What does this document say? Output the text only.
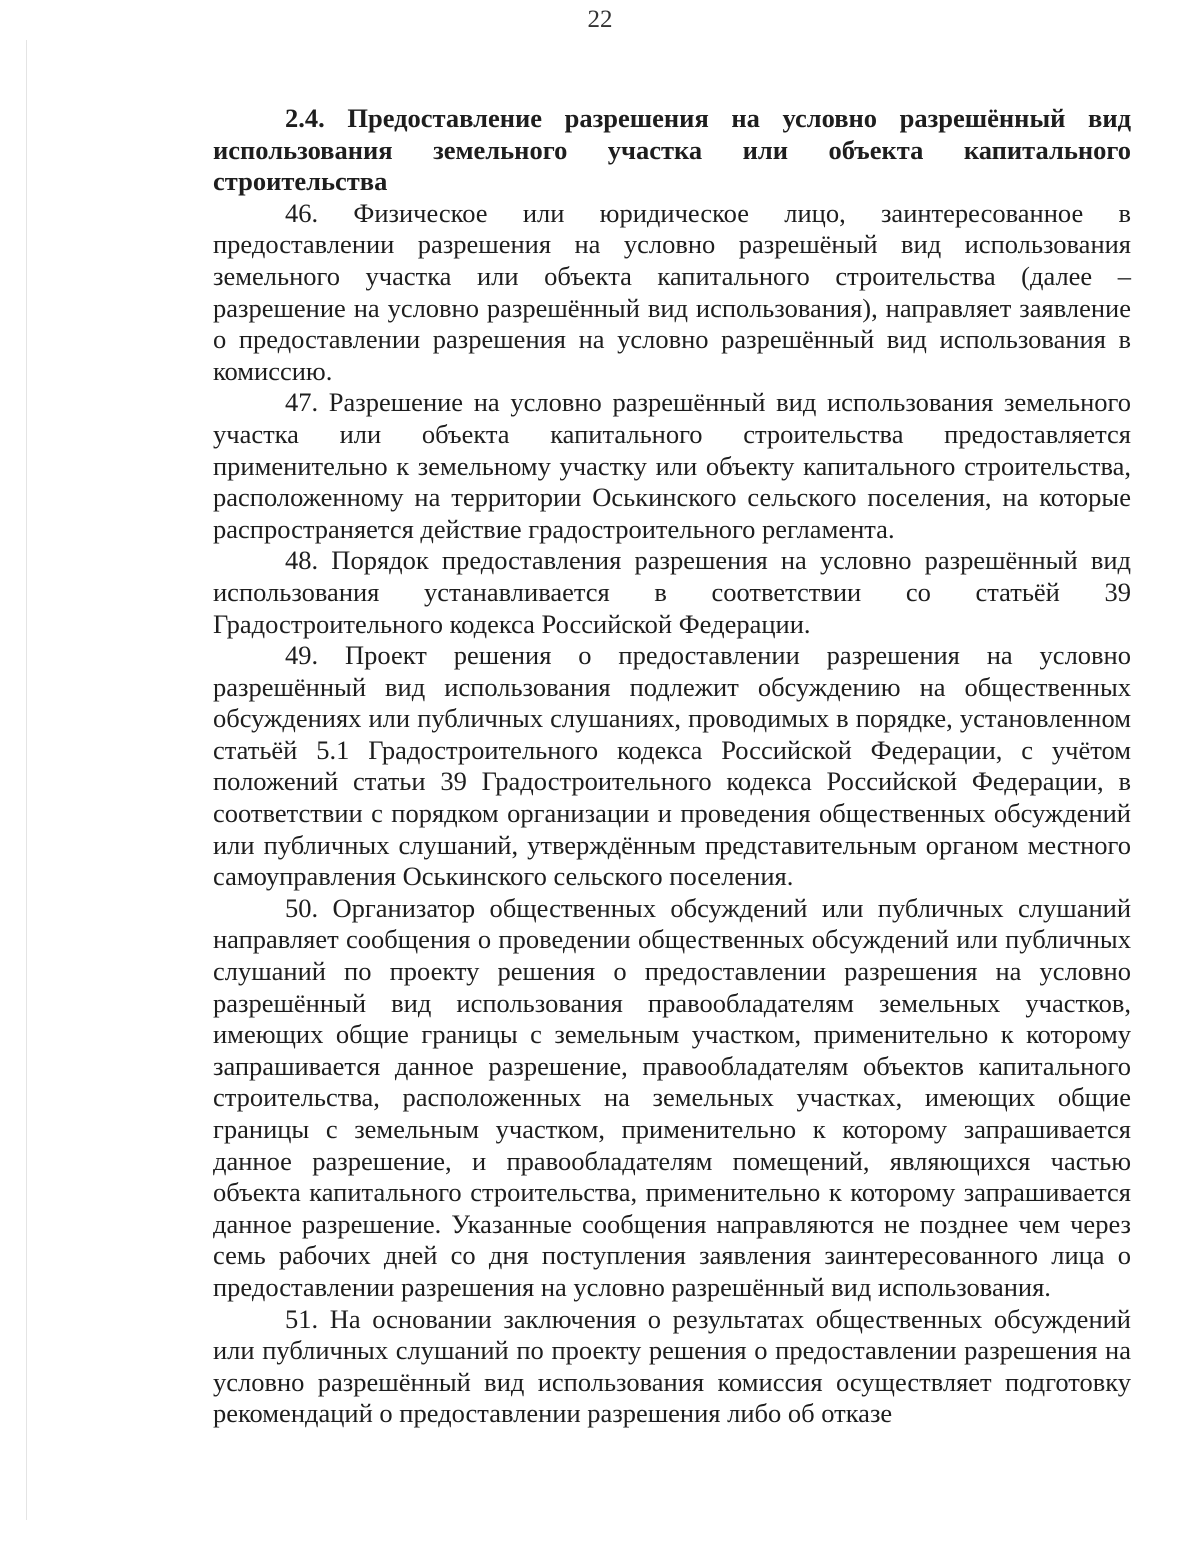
22

2.4. Предоставление разрешения на условно разрешённый вид использования земельного участка или объекта капитального строительства

46. Физическое или юридическое лицо, заинтересованное в предоставлении разрешения на условно разрешёный вид использования земельного участка или объекта капитального строительства (далее – разрешение на условно разрешённый вид использования), направляет заявление о предоставлении разрешения на условно разрешённый вид использования в комиссию.

47. Разрешение на условно разрешённый вид использования земельного участка или объекта капитального строительства предоставляется применительно к земельному участку или объекту капитального строительства, расположенному на территории Оськинского сельского поселения, на которые распространяется действие градостроительного регламента.

48. Порядок предоставления разрешения на условно разрешённый вид использования устанавливается в соответствии со статьёй 39 Градостроительного кодекса Российской Федерации.

49. Проект решения о предоставлении разрешения на условно разрешённый вид использования подлежит обсуждению на общественных обсуждениях или публичных слушаниях, проводимых в порядке, установленном статьёй 5.1 Градостроительного кодекса Российской Федерации, с учётом положений статьи 39 Градостроительного кодекса Российской Федерации, в соответствии с порядком организации и проведения общественных обсуждений или публичных слушаний, утверждённым представительным органом местного самоуправления Оськинского сельского поселения.

50. Организатор общественных обсуждений или публичных слушаний направляет сообщения о проведении общественных обсуждений или публичных слушаний по проекту решения о предоставлении разрешения на условно разрешённый вид использования правообладателям земельных участков, имеющих общие границы с земельным участком, применительно к которому запрашивается данное разрешение, правообладателям объектов капитального строительства, расположенных на земельных участках, имеющих общие границы с земельным участком, применительно к которому запрашивается данное разрешение, и правообладателям помещений, являющихся частью объекта капитального строительства, применительно к которому запрашивается данное разрешение. Указанные сообщения направляются не позднее чем через семь рабочих дней со дня поступления заявления заинтересованного лица о предоставлении разрешения на условно разрешённый вид использования.

51. На основании заключения о результатах общественных обсуждений или публичных слушаний по проекту решения о предоставлении разрешения на условно разрешённый вид использования комиссия осуществляет подготовку рекомендаций о предоставлении разрешения либо об отказе
